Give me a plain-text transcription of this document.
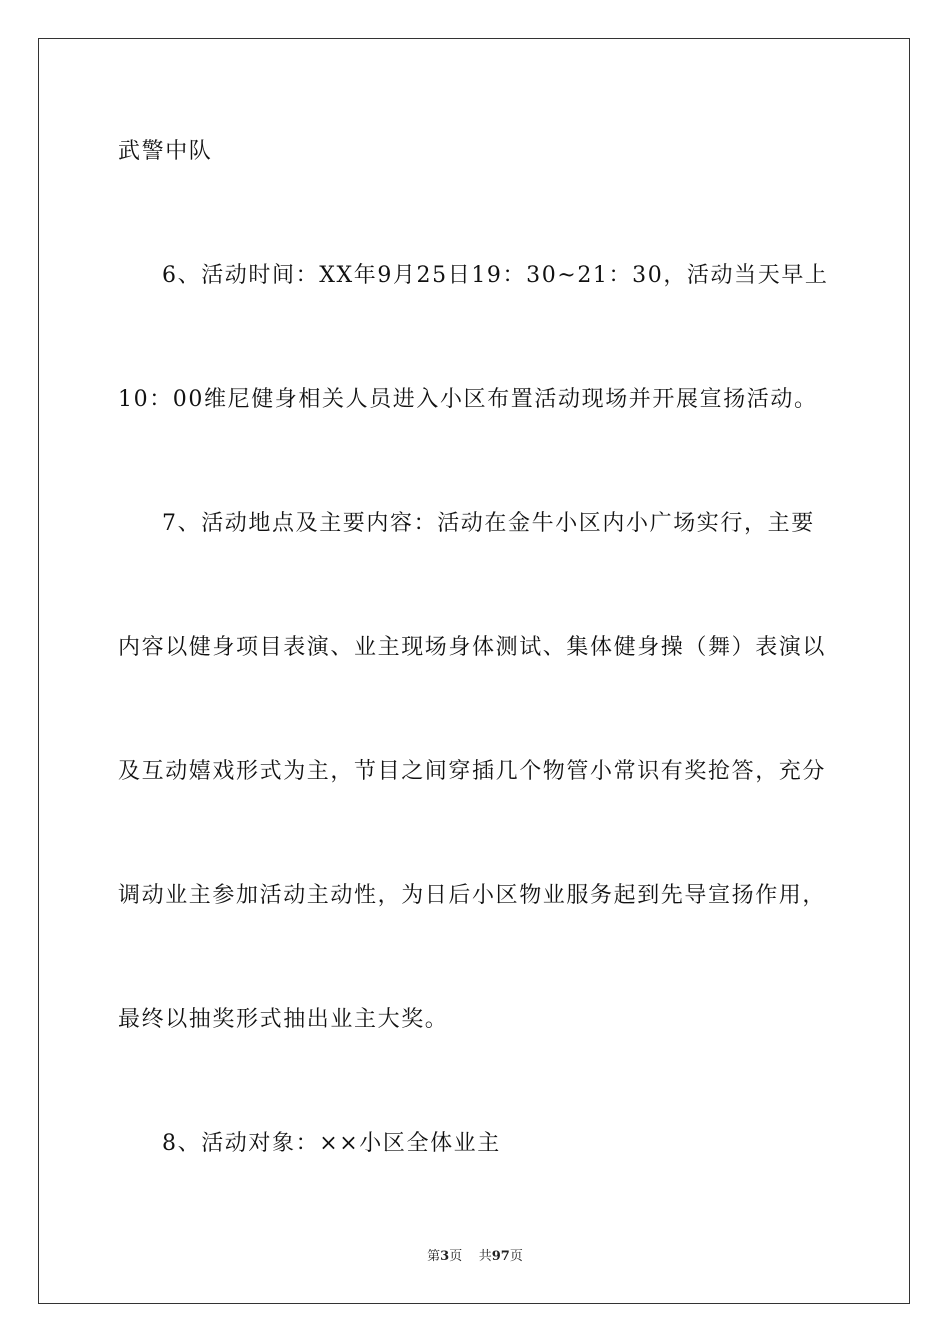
武警中队
6、活动时间：XX年9月25日19：30~21：30，活动当天早上
10：00维尼健身相关人员进入小区布置活动现场并开展宣扬活动。
7、活动地点及主要内容：活动在金牛小区内小广场实行，主要
内容以健身项目表演、业主现场身体测试、集体健身操（舞）表演以
及互动嬉戏形式为主，节目之间穿插几个物管小常识有奖抢答，充分
调动业主参加活动主动性，为日后小区物业服务起到先导宣扬作用，
最终以抽奖形式抽出业主大奖。
8、活动对象：××小区全体业主
第3页 共97页
